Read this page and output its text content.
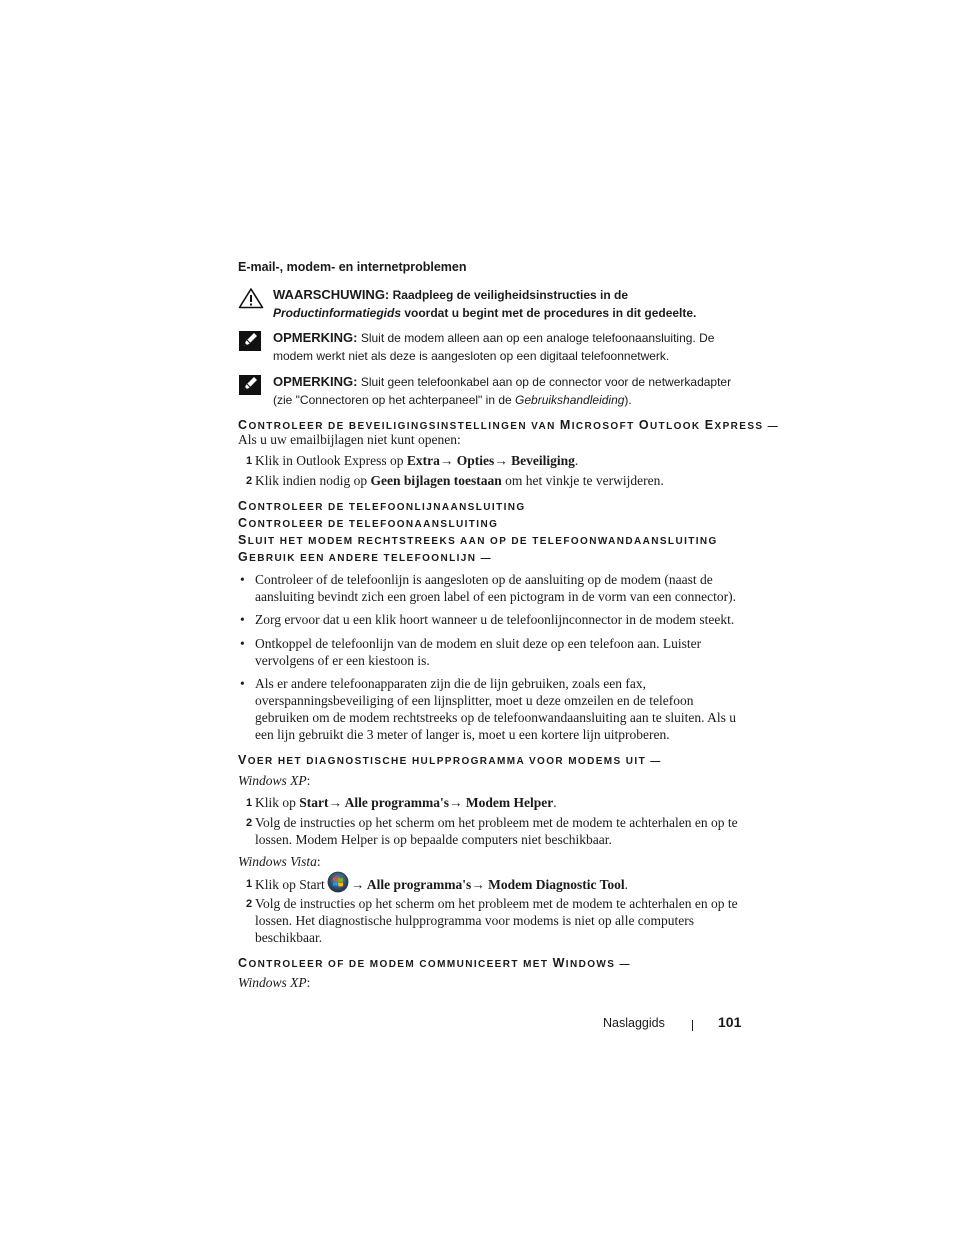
E-mail-, modem- en internetproblemen
WAARSCHUWING: Raadpleeg de veiligheidsinstructies in de Productinformatiegids voordat u begint met de procedures in dit gedeelte.
OPMERKING: Sluit de modem alleen aan op een analoge telefoonaansluiting. De modem werkt niet als deze is aangesloten op een digitaal telefoonnetwerk.
OPMERKING: Sluit geen telefoonkabel aan op de connector voor de netwerkadapter (zie "Connectoren op het achterpaneel" in de Gebruikshandleiding).
CONTROLEER DE BEVEILIGINGSINSTELLINGEN VAN MICROSOFT OUTLOOK EXPRESS —
Als u uw emailbijlagen niet kunt openen:
1 Klik in Outlook Express op Extra→ Opties→ Beveiliging.
2 Klik indien nodig op Geen bijlagen toestaan om het vinkje te verwijderen.
CONTROLEER DE TELEFOONLIJNAANSLUITING
CONTROLEER DE TELEFOONAANSLUITING
SLUIT HET MODEM RECHTSTREEKS AAN OP DE TELEFOONWANDAANSLUITING
GEBRUIK EEN ANDERE TELEFOONLIJN —
• Controleer of de telefoonlijn is aangesloten op de aansluiting op de modem (naast de aansluiting bevindt zich een groen label of een pictogram in de vorm van een connector).
• Zorg ervoor dat u een klik hoort wanneer u de telefoonlijnconnector in de modem steekt.
• Ontkoppel de telefoonlijn van de modem en sluit deze op een telefoon aan. Luister vervolgens of er een kiestoon is.
• Als er andere telefoonapparaten zijn die de lijn gebruiken, zoals een fax, overspanningsbeveiliging of een lijnsplitter, moet u deze omzeilen en de telefoon gebruiken om de modem rechtstreeks op de telefoonwandaansluiting aan te sluiten. Als u een lijn gebruikt die 3 meter of langer is, moet u een kortere lijn uitproberen.
VOER HET DIAGNOSTISCHE HULPPROGRAMMA VOOR MODEMS UIT —
Windows XP:
1 Klik op Start→ Alle programma's→ Modem Helper.
2 Volg de instructies op het scherm om het probleem met de modem te achterhalen en op te lossen. Modem Helper is op bepaalde computers niet beschikbaar.
Windows Vista:
1 Klik op Start → Alle programma's→ Modem Diagnostic Tool.
2 Volg de instructies op het scherm om het probleem met de modem te achterhalen en op te lossen. Het diagnostische hulpprogramma voor modems is niet op alle computers beschikbaar.
CONTROLEER OF DE MODEM COMMUNICEERT MET WINDOWS —
Windows XP:
Naslaggids	101
